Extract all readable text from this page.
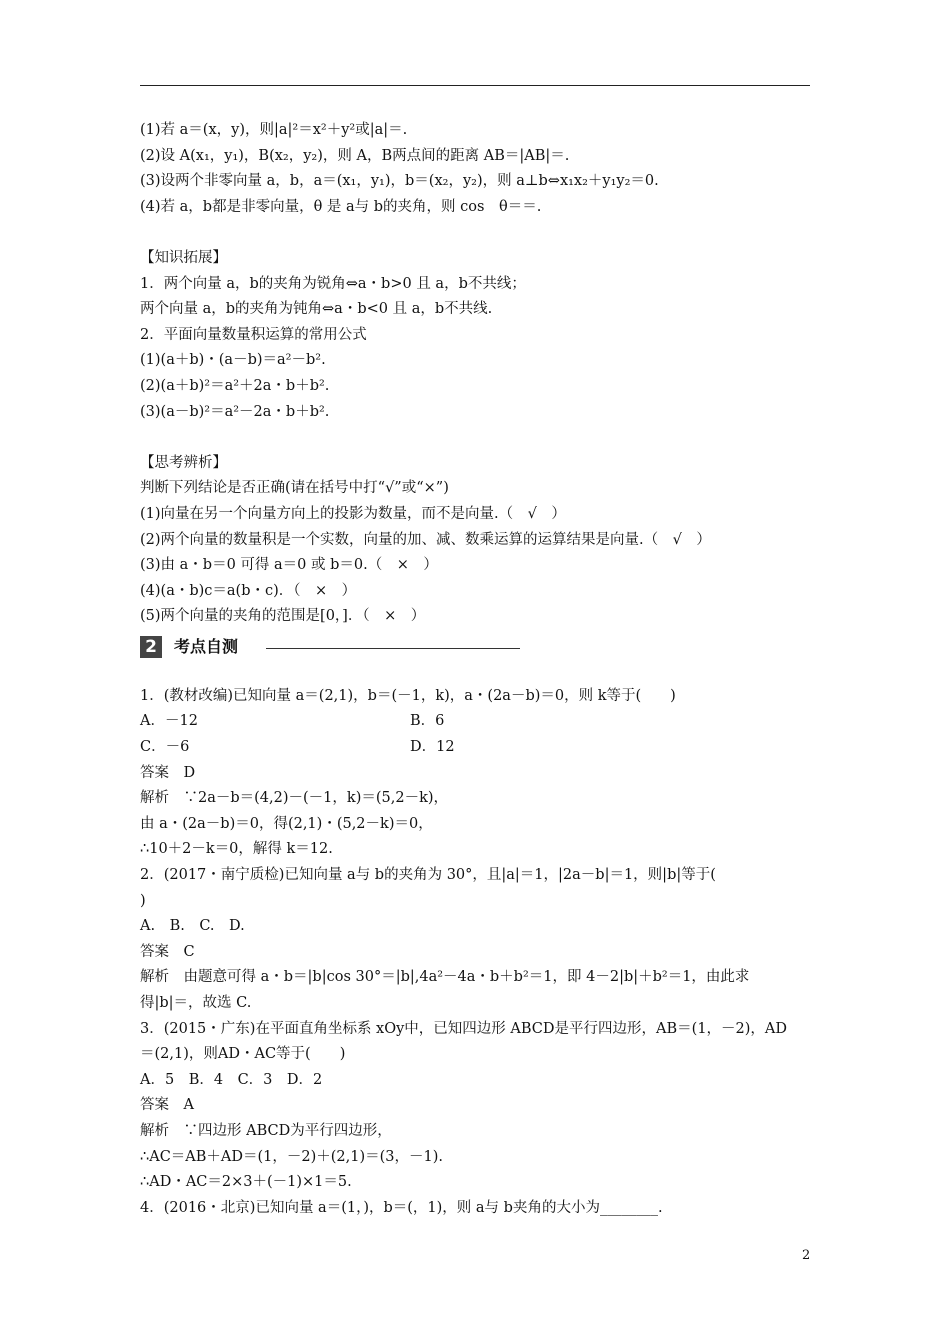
(1)若 a＝(x，y)，则|a|²＝x²＋y²或|a|＝.
(2)设 A(x₁，y₁)，B(x₂，y₂)，则 A，B两点间的距离 AB＝|AB|＝.
(3)设两个非零向量 a，b，a＝(x₁，y₁)，b＝(x₂，y₂)，则 a⊥b⇔x₁x₂＋y₁y₂＝0.
(4)若 a，b都是非零向量，θ 是 a与 b的夹角，则 cos　θ＝＝.
【知识拓展】
1．两个向量 a，b的夹角为锐角⇔a・b>0 且 a，b不共线；
两个向量 a，b的夹角为钝角⇔a・b<0 且 a，b不共线.
2．平面向量数量积运算的常用公式
(1)(a＋b)・(a－b)＝a²－b².
(2)(a＋b)²＝a²＋2a・b＋b².
(3)(a－b)²＝a²－2a・b＋b².
【思考辨析】
判断下列结论是否正确(请在括号中打“√”或“×”)
(1)向量在另一个向量方向上的投影为数量，而不是向量.（　√　）
(2)两个向量的数量积是一个实数，向量的加、减、数乘运算的运算结果是向量.（　√　）
(3)由 a・b＝0 可得 a＝0 或 b＝0.（　×　）
(4)(a・b)c＝a(b・c)．（　×　）
(5)两个向量的夹角的范围是[0，]．（　×　）
2	考点自测
1．(教材改编)已知向量 a＝(2,1)，b＝(－1，k)，a・(2a－b)＝0，则 k等于(　　)
A．－12	B．6
C．－6	D．12
答案　D
解析　∵2a－b＝(4,2)－(－1，k)＝(5,2－k)，
由 a・(2a－b)＝0，得(2,1)・(5,2－k)＝0，
∴10＋2－k＝0，解得 k＝12.
2．(2017・南宁质检)已知向量 a与 b的夹角为 30°，且|a|＝1，|2a－b|＝1，则|b|等于(
)
A.　B.　C.　D.
答案　C
解析　由题意可得 a・b＝|b|cos 30°＝|b|,4a²－4a・b＋b²＝1，即 4－2|b|＋b²＝1，由此求
得|b|＝，故选 C.
3．(2015・广东)在平面直角坐标系 xOy中，已知四边形 ABCD是平行四边形，AB＝(1，－2)，AD
＝(2,1)，则AD・AC等于(　　)
A．5　B．4　C．3　D．2
答案　A
解析　∵四边形 ABCD为平行四边形，
∴AC＝AB＋AD＝(1，－2)＋(2,1)＝(3，－1).
∴AD・AC＝2×3＋(－1)×1＝5.
4．(2016・北京)已知向量 a＝(1，)，b＝(，1)，则 a与 b夹角的大小为________.
2
